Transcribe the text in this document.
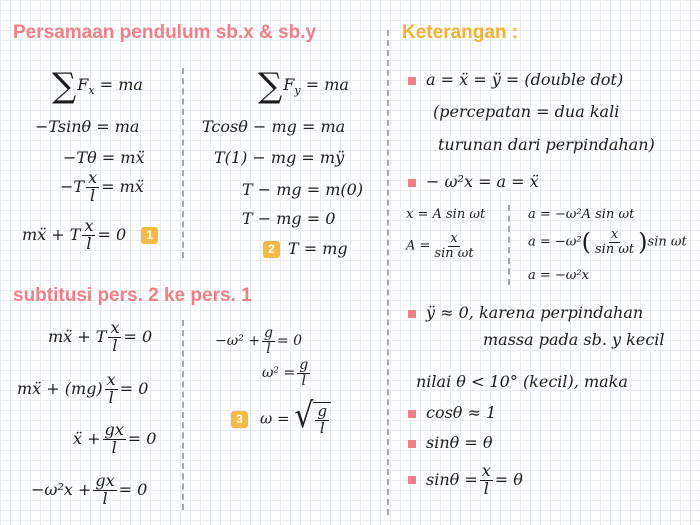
Persamaan pendulum sb.x & sb.y	Keterangan :
subtitusi pers. 2 ke pers. 1
$\sum F_x$ = ma
−Tsinθ = ma
−Tθ = mẍ
$-T \frac{x}{l}$ = mẍ
mẍ + T $\frac{x}{l} = 0$ 1
$\sum F_y$ = ma
Tcosθ − mg = ma
T(1) − mg = mÿ
T − mg = m(0)
T − mg = 0
2 T = mg
mẍ + T $\frac{x}{l} = 0$
mẍ + $(mg) \frac{x}{l} = 0$
ẍ + $\frac{gx}{l} = 0$
$-\omega^2x + \frac{gx}{l} = 0$
$-\omega^2 + \frac{g}{l} = 0$
$\omega^2 = \frac{g}{l}$
3 ω = √ $\frac{g}{l}$
a = ẍ = ÿ = (double dot)
(percepatan = dua kali
turunan dari perpindahan)
− ω²x = a = ẍ
x = A sin ωt
$A = \frac{x}{\text{sin ωt}}$
a = −ω²A sin ωt
$a = -\omega^2( \frac{x}{\text{sin ωt}} )\sin$ ωt
a = −ω²x
ÿ ≈ 0, karena perpindahan
massa pada sb. y kecil
nilai θ < 10° (kecil), maka
cosθ ≈ 1
sinθ = θ
$\sin\theta = \frac{x}{l} = \theta$
